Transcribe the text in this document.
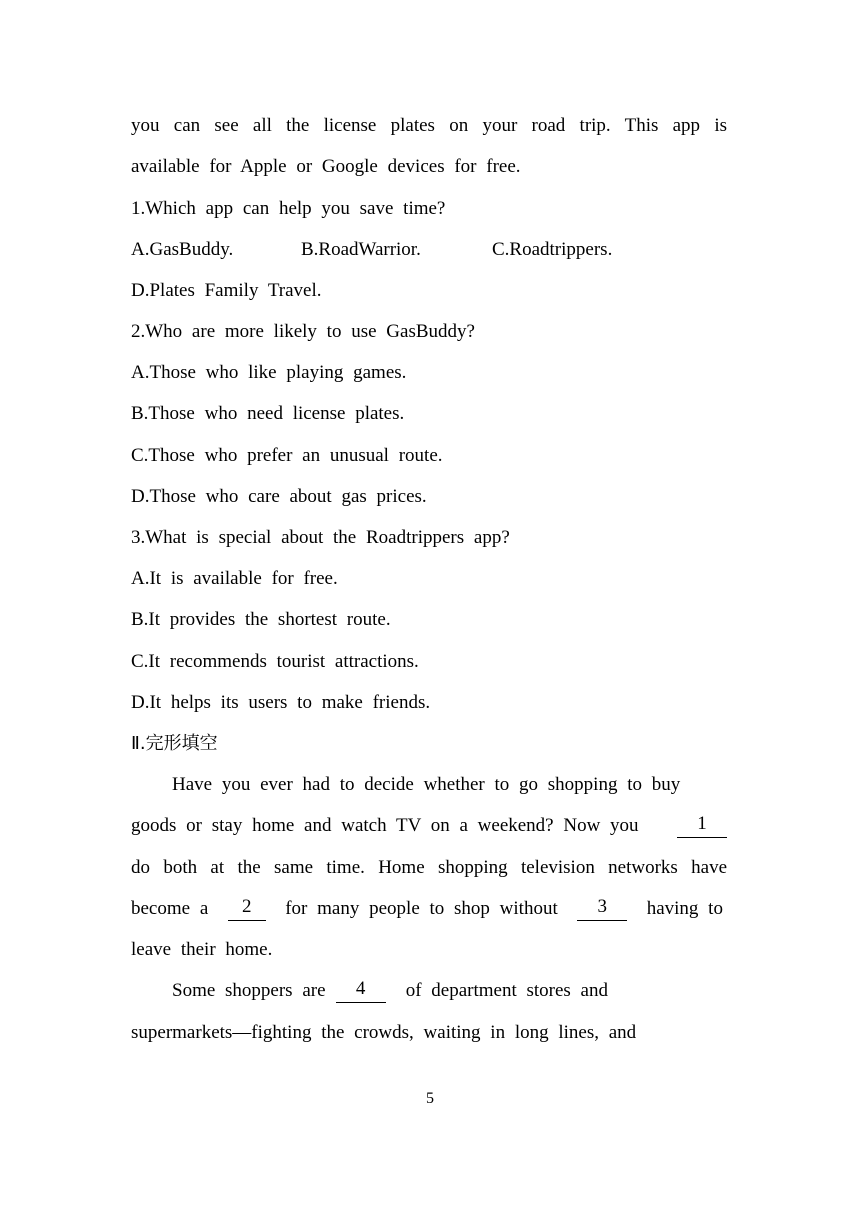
you can see all the license plates on your road trip. This app is
available for Apple or Google devices for free.
1.Which app can help you save time?
A.GasBuddy.	B.RoadWarrior.	C.Roadtrippers.
D.Plates Family Travel.
2.Who are more likely to use GasBuddy?
A.Those who like playing games.
B.Those who need license plates.
C.Those who prefer an unusual route.
D.Those who care about gas prices.
3.What is special about the Roadtrippers app?
A.It is available for free.
B.It provides the shortest route.
C.It recommends tourist attractions.
D.It helps its users to make friends.
Ⅱ.完形填空
Have you ever had to decide whether to go shopping to buy
goods or stay home and watch TV on a weekend? Now you	1
do both at the same time. Home shopping television networks have
become a	2	for many people to shop without	3	having to
leave their home.
Some shoppers are	4	of department stores and
supermarkets—fighting the crowds, waiting in long lines, and
5
